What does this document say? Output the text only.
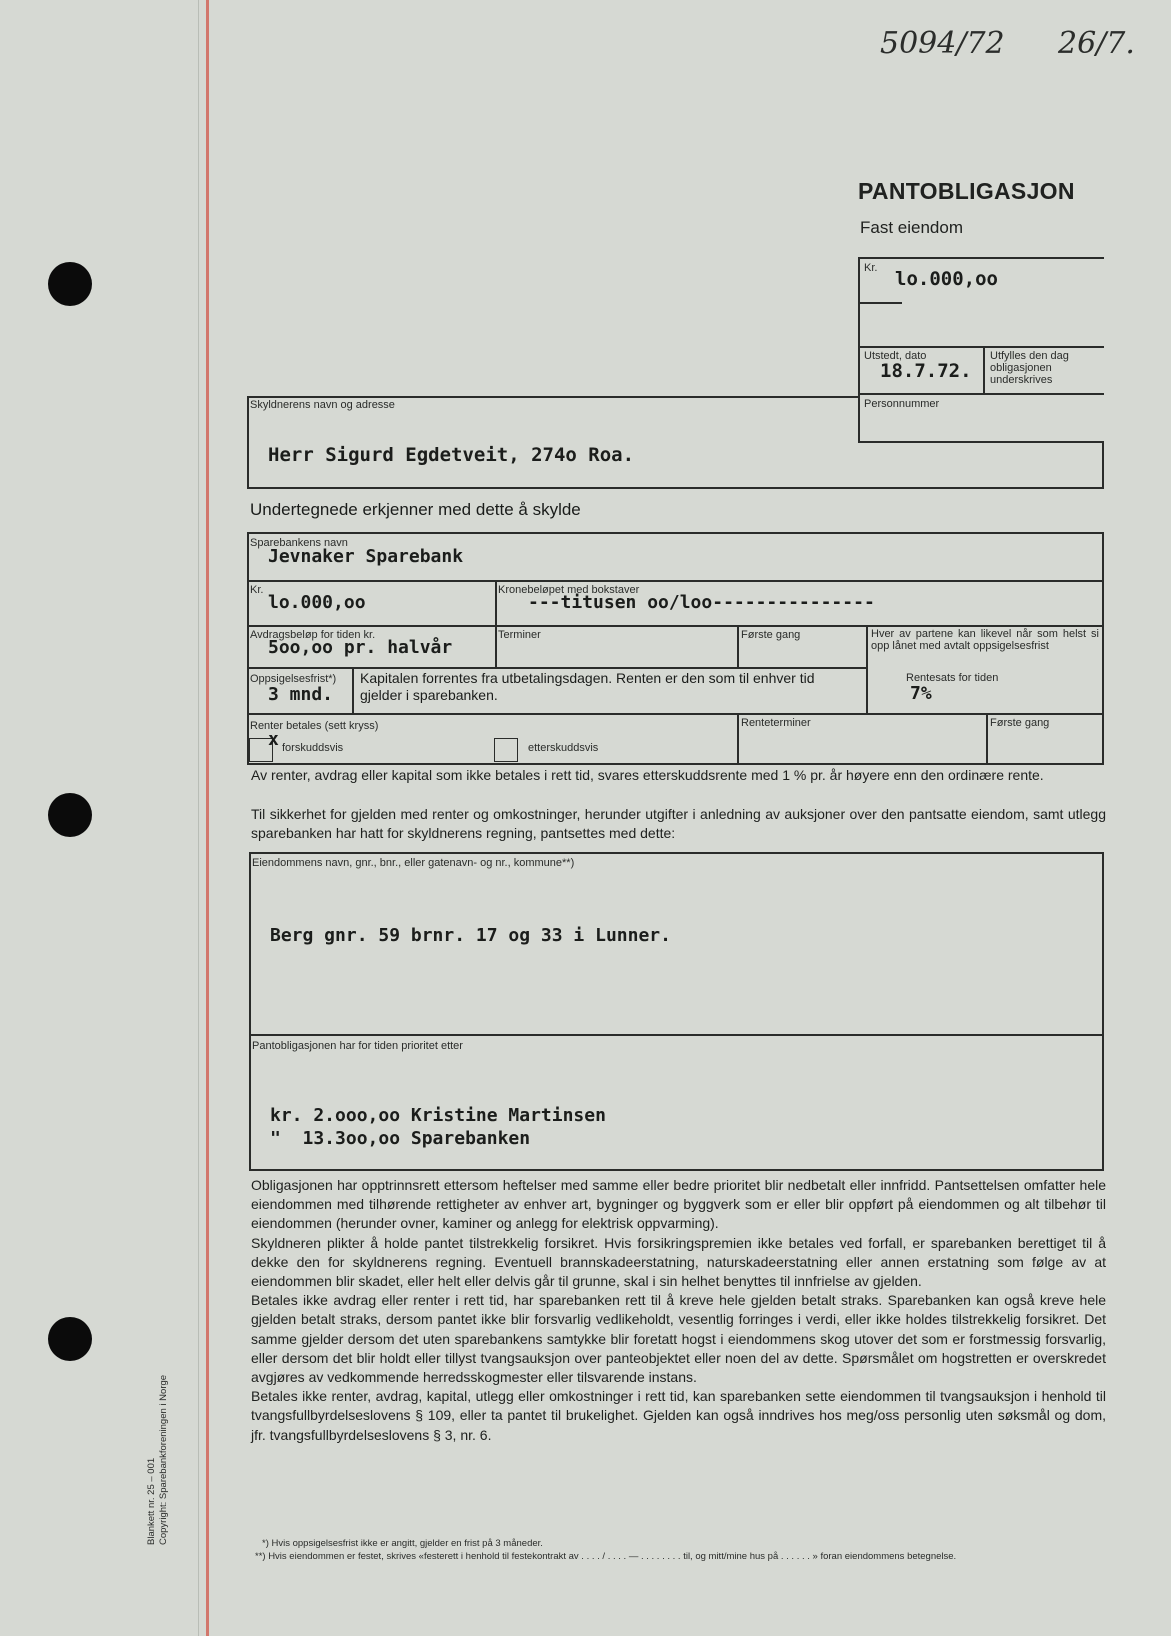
5094/72 26/7.
PANTOBLIGASJON
Fast eiendom
Kr. lo.000,oo
Utstedt, dato
18.7.72.
Utfylles den dag obligasjonen underskrives
Personnummer
Skyldnerens navn og adresse
Herr Sigurd Egdetveit, 274o Roa.
Undertegnede erkjenner med dette å skylde
Sparebankens navn
Jevnaker Sparebank
Kr.
lo.000,oo
Kronebeløpet med bokstaver
---titusen oo/loo---------------
Avdragsbeløp for tiden kr.
5oo,oo pr. halvår
Terminer	Første gang	Hver av partene kan likevel når som helst si opp lånet med avtalt oppsigelsesfrist
Oppsigelsesfrist*)
3 mnd.
Kapitalen forrentes fra utbetalingsdagen. Renten er den som til enhver tid gjelder i sparebanken.
Rentesats for tiden
7%
Renter betales (sett kryss)
x forskuddsvis	etterskuddsvis
Renteterminer	Første gang
Av renter, avdrag eller kapital som ikke betales i rett tid, svares etterskuddsrente med 1 % pr. år høyere enn den ordinære rente.
Til sikkerhet for gjelden med renter og omkostninger, herunder utgifter i anledning av auksjoner over den pantsatte eiendom, samt utlegg sparebanken har hatt for skyldnerens regning, pantsettes med dette:
Eiendommens navn, gnr., bnr., eller gatenavn- og nr., kommune**)
Berg gnr. 59 brnr. 17 og 33 i Lunner.
Pantobligasjonen har for tiden prioritet etter
kr. 2.ooo,oo Kristine Martinsen
"  13.3oo,oo Sparebanken
Obligasjonen har opptrinnsrett ettersom heftelser med samme eller bedre prioritet blir nedbetalt eller innfridd. Pantsettelsen omfatter hele eiendommen med tilhørende rettigheter av enhver art, bygninger og byggverk som er eller blir oppført på eiendommen og alt tilbehør til eiendommen (herunder ovner, kaminer og anlegg for elektrisk oppvarming).
Skyldneren plikter å holde pantet tilstrekkelig forsikret. Hvis forsikringspremien ikke betales ved forfall, er sparebanken berettiget til å dekke den for skyldnerens regning. Eventuell brannskadeerstatning, naturskadeerstatning eller annen erstatning som følge av at eiendommen blir skadet, eller helt eller delvis går til grunne, skal i sin helhet benyttes til innfrielse av gjelden.
Betales ikke avdrag eller renter i rett tid, har sparebanken rett til å kreve hele gjelden betalt straks. Sparebanken kan også kreve hele gjelden betalt straks, dersom pantet ikke blir forsvarlig vedlikeholdt, vesentlig forringes i verdi, eller ikke holdes tilstrekkelig forsikret. Det samme gjelder dersom det uten sparebankens samtykke blir foretatt hogst i eiendommens skog utover det som er forstmessig forsvarlig, eller dersom det blir holdt eller tillyst tvangsauksjon over panteobjektet eller noen del av dette. Spørsmålet om hogstretten er overskredet avgjøres av vedkommende herredsskogmester eller tilsvarende instans.
Betales ikke renter, avdrag, kapital, utlegg eller omkostninger i rett tid, kan sparebanken sette eiendommen til tvangsauksjon i henhold til tvangsfullbyrdelseslovens § 109, eller ta pantet til brukelighet. Gjelden kan også inndrives hos meg/oss personlig uten søksmål og dom, jfr. tvangsfullbyrdelseslovens § 3, nr. 6.
*) Hvis oppsigelsesfrist ikke er angitt, gjelder en frist på 3 måneder.
**) Hvis eiendommen er festet, skrives «festerett i henhold til festekontrakt av . . . . / . . . . — . . . . . . . . til, og mitt/mine hus på . . . . . . » foran eiendommens betegnelse.
Blankett nr. 25 – 001 Copyright: Sparebankforeningen i Norge
